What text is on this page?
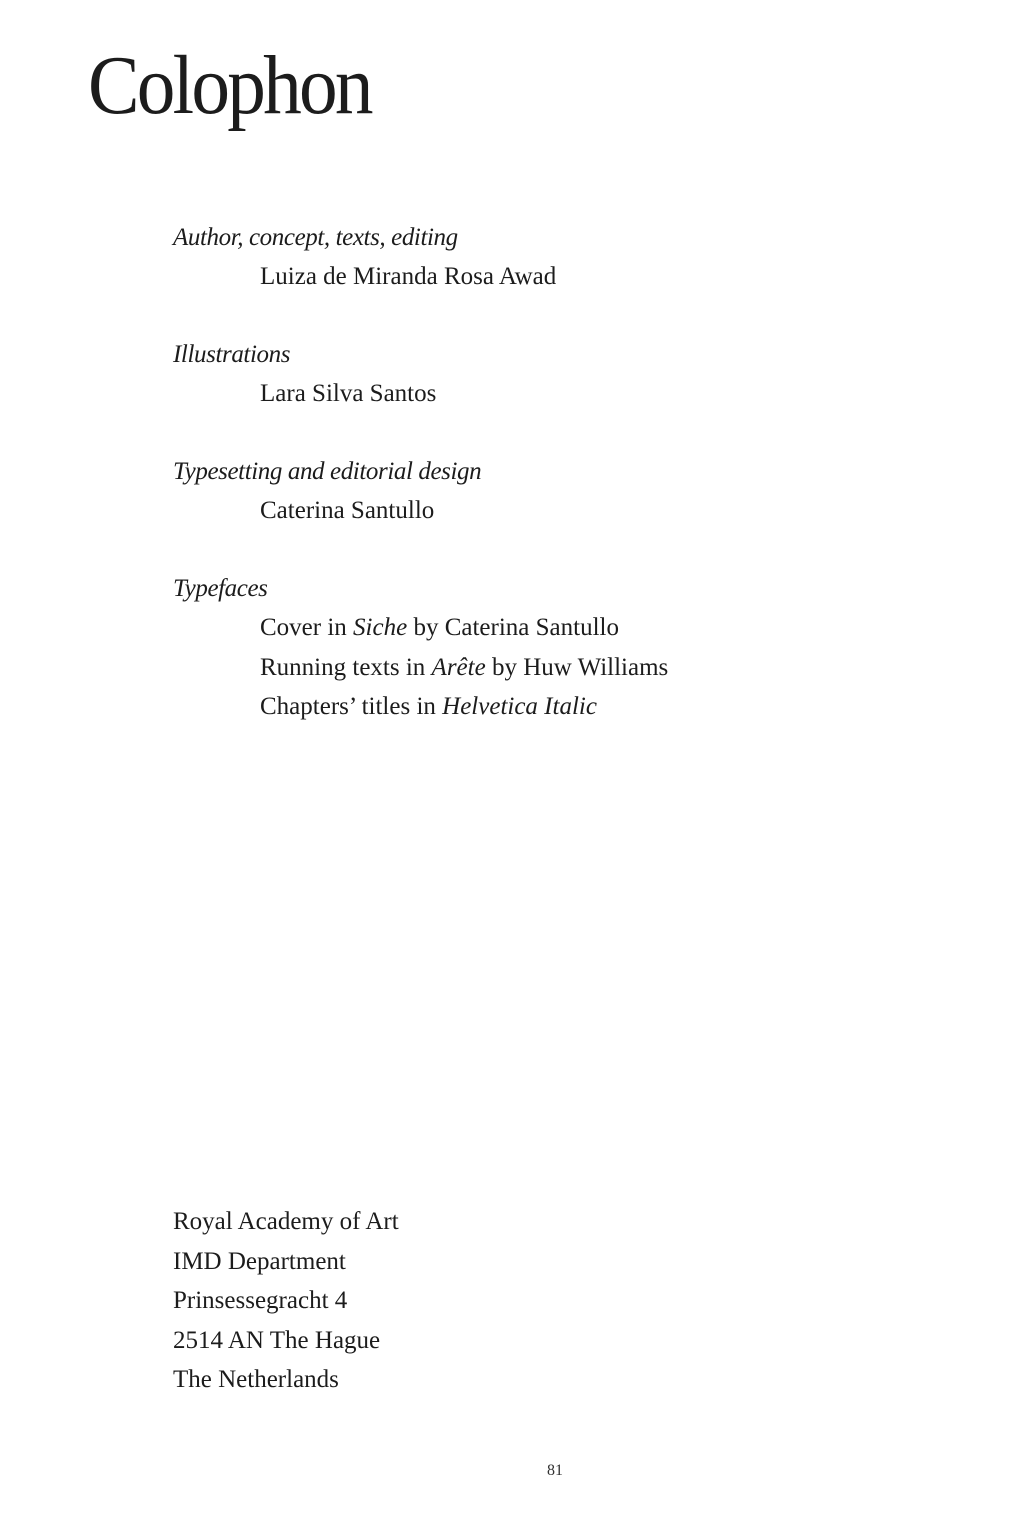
Colophon
Author, concept, texts, editing
Luiza de Miranda Rosa Awad
Illustrations
Lara Silva Santos
Typesetting and editorial design
Caterina Santullo
Typefaces
Cover in Siche by Caterina Santullo
Running texts in Arête by Huw Williams
Chapters’ titles in Helvetica Italic
Royal Academy of Art
IMD Department
Prinsessegracht 4
2514 AN The Hague
The Netherlands
81
